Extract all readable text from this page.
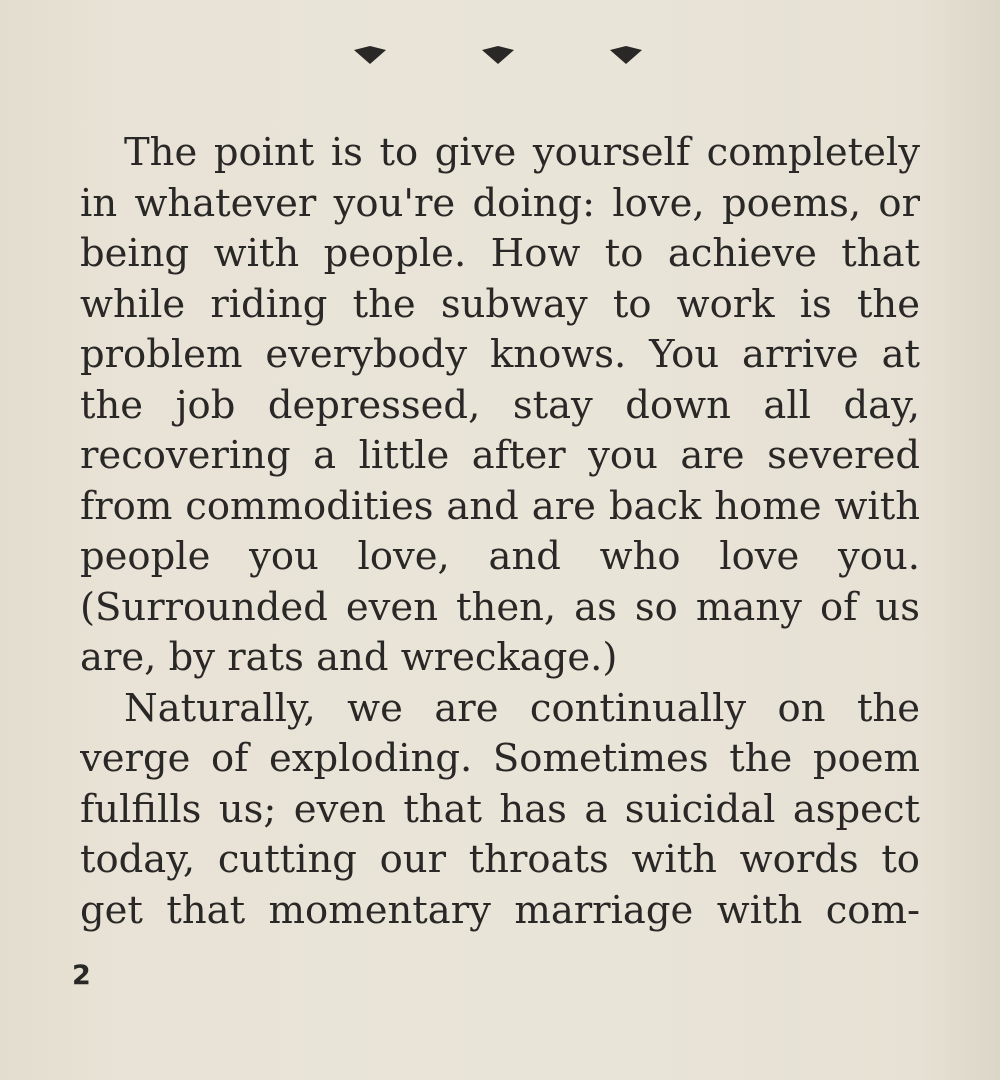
The point is to give yourself completely
in whatever you're doing: love, poems, or
being with people. How to achieve that
while riding the subway to work is the
problem everybody knows. You arrive at
the job depressed, stay down all day,
recovering a little after you are severed
from commodities and are back home with
people you love, and who love you.
(Surrounded even then, as so many of us
are, by rats and wreckage.)
Naturally, we are continually on the
verge of exploding. Sometimes the poem
fulfills us; even that has a suicidal aspect
today, cutting our throats with words to
get that momentary marriage with com-
2
